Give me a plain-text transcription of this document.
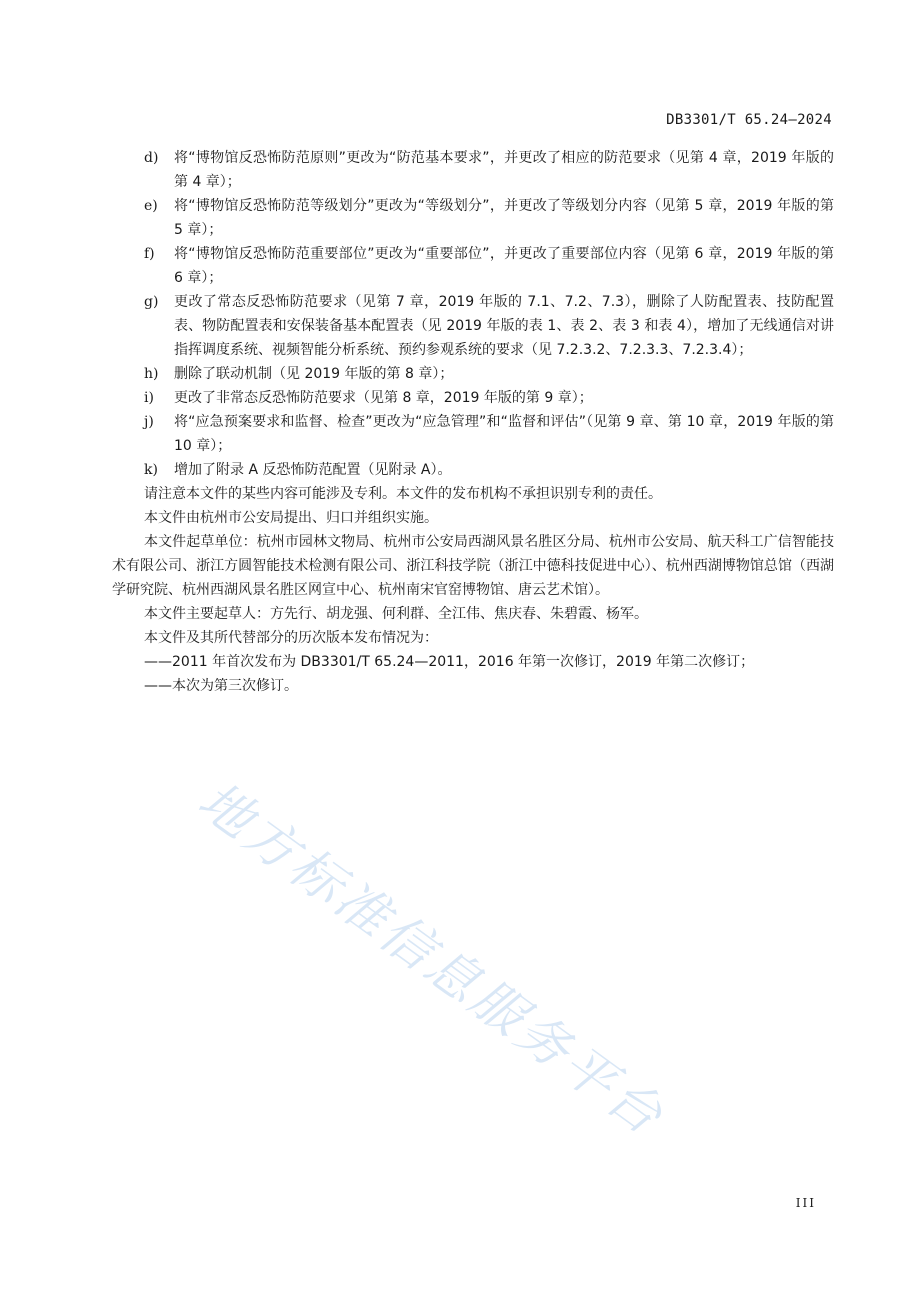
DB3301/T 65.24—2024
d) 将“博物馆反恐怖防范原则”更改为“防范基本要求”，并更改了相应的防范要求（见第 4 章，2019 年版的第 4 章）；
e) 将“博物馆反恐怖防范等级划分”更改为“等级划分”，并更改了等级划分内容（见第 5 章，2019 年版的第 5 章）；
f) 将“博物馆反恐怖防范重要部位”更改为“重要部位”，并更改了重要部位内容（见第 6 章，2019 年版的第 6 章）；
g) 更改了常态反恐怖防范要求（见第 7 章，2019 年版的 7.1、7.2、7.3），删除了人防配置表、技防配置表、物防配置表和安保装备基本配置表（见 2019 年版的表 1、表 2、表 3 和表 4），增加了无线通信对讲指挥调度系统、视频智能分析系统、预约参观系统的要求（见 7.2.3.2、7.2.3.3、7.2.3.4）；
h) 删除了联动机制（见 2019 年版的第 8 章）；
i) 更改了非常态反恐怖防范要求（见第 8 章，2019 年版的第 9 章）；
j) 将“应急预案要求和监督、检查”更改为“应急管理”和“监督和评估”（见第 9 章、第 10 章，2019 年版的第 10 章）；
k) 增加了附录 A 反恐怖防范配置（见附录 A）。
请注意本文件的某些内容可能涉及专利。本文件的发布机构不承担识别专利的责任。
本文件由杭州市公安局提出、归口并组织实施。
本文件起草单位：杭州市园林文物局、杭州市公安局西湖风景名胜区分局、杭州市公安局、航天科工广信智能技术有限公司、浙江方圆智能技术检测有限公司、浙江科技学院（浙江中德科技促进中心）、杭州西湖博物馆总馆（西湖学研究院、杭州西湖风景名胜区网宣中心、杭州南宋官窑博物馆、唐云艺术馆）。
本文件主要起草人：方先行、胡龙强、何利群、全江伟、焦庆春、朱碧霞、杨军。
本文件及其所代替部分的历次版本发布情况为：
——2011 年首次发布为 DB3301/T 65.24—2011，2016 年第一次修订，2019 年第二次修订；
——本次为第三次修订。
地方标准信息服务平台
III
